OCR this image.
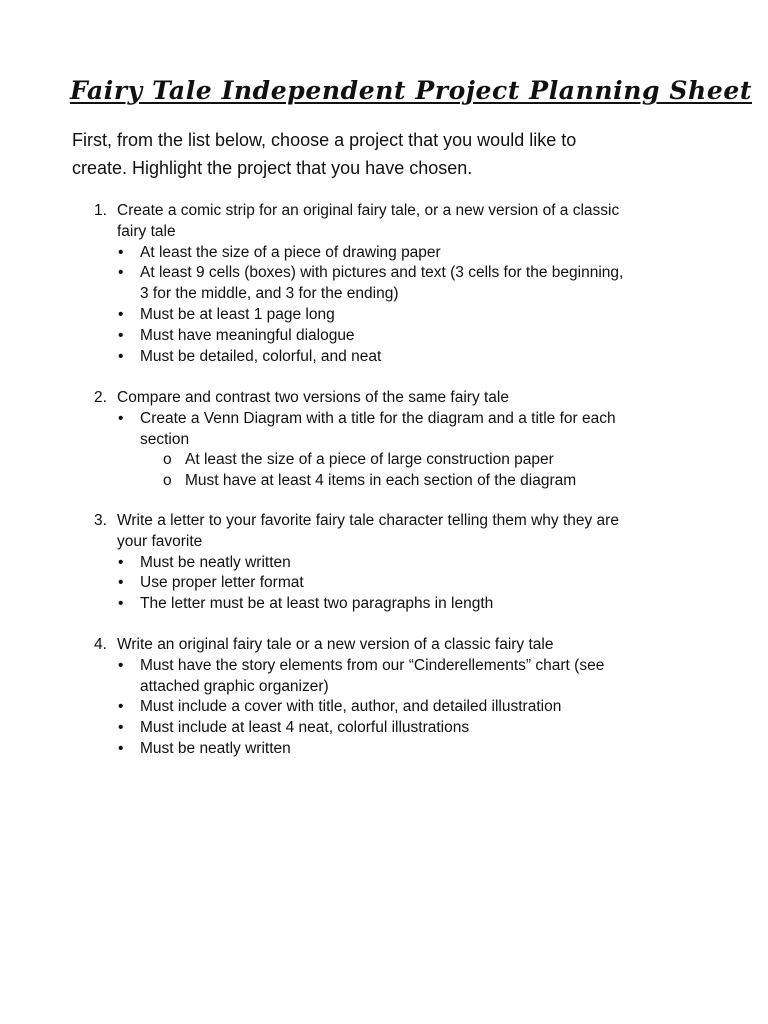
Fairy Tale Independent Project Planning Sheet

First, from the list below, choose a project that you would like to
create. Highlight the project that you have chosen.

1. Create a comic strip for an original fairy tale, or a new version of a classic
fairy tale
• At least the size of a piece of drawing paper
• At least 9 cells (boxes) with pictures and text (3 cells for the beginning,
3 for the middle, and 3 for the ending)
• Must be at least 1 page long
• Must have meaningful dialogue
• Must be detailed, colorful, and neat
2. Compare and contrast two versions of the same fairy tale
• Create a Venn Diagram with a title for the diagram and a title for each
section
o At least the size of a piece of large construction paper
o Must have at least 4 items in each section of the diagram
3. Write a letter to your favorite fairy tale character telling them why they are
your favorite
• Must be neatly written
• Use proper letter format
• The letter must be at least two paragraphs in length
4. Write an original fairy tale or a new version of a classic fairy tale
• Must have the story elements from our “Cinderellements” chart (see
attached graphic organizer)
• Must include a cover with title, author, and detailed illustration
• Must include at least 4 neat, colorful illustrations
• Must be neatly written
